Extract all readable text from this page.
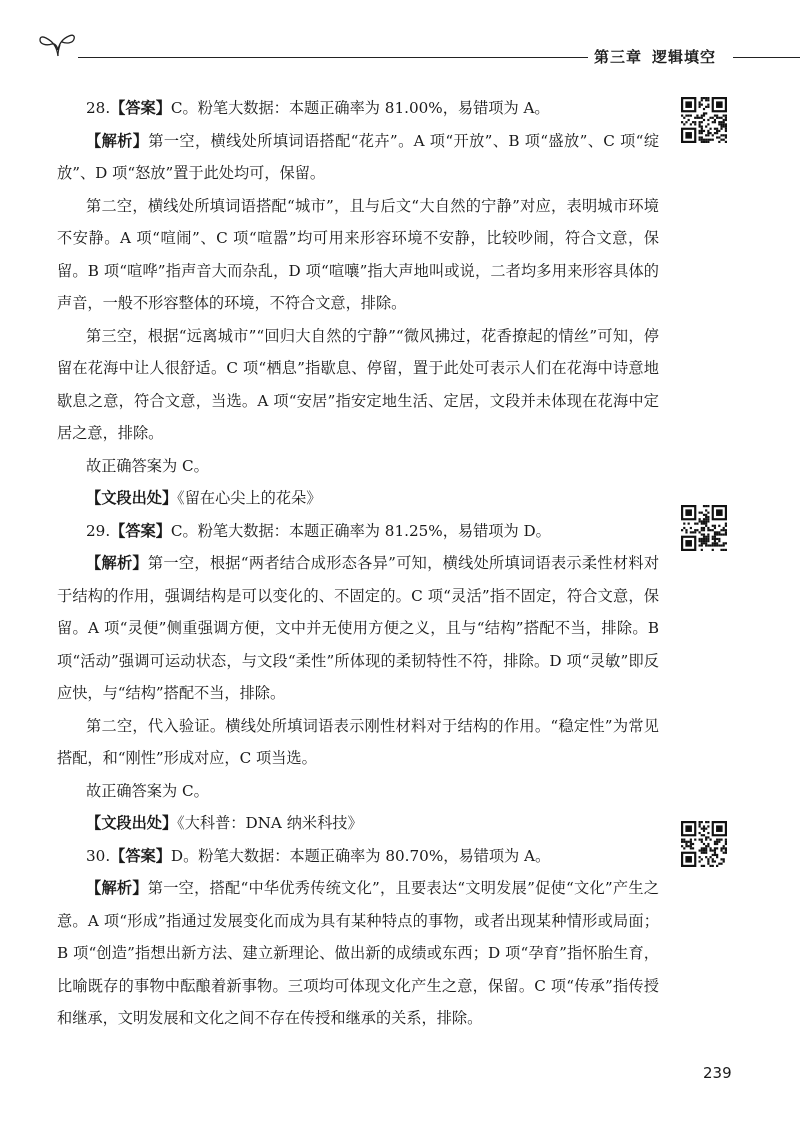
第三章 逻辑填空

28.【答案】C。粉笔大数据：本题正确率为 81.00%，易错项为 A。

【解析】第一空，横线处所填词语搭配“花卉”。A 项“开放”、B 项“盛放”、C 项“绽放”、D 项“怒放”置于此处均可，保留。

第二空，横线处所填词语搭配“城市”，且与后文“大自然的宁静”对应，表明城市环境不安静。A 项“喧闹”、C 项“喧嚣”均可用来形容环境不安静，比较吵闹，符合文意，保留。B 项“喧哗”指声音大而杂乱，D 项“喧嚷”指大声地叫或说，二者均多用来形容具体的声音，一般不形容整体的环境，不符合文意，排除。

第三空，根据“远离城市”“回归大自然的宁静”“微风拂过，花香撩起的情丝”可知，停留在花海中让人很舒适。C 项“栖息”指歇息、停留，置于此处可表示人们在花海中诗意地歇息之意，符合文意，当选。A 项“安居”指安定地生活、定居，文段并未体现在花海中定居之意，排除。

故正确答案为 C。

【文段出处】《留在心尖上的花朵》

29.【答案】C。粉笔大数据：本题正确率为 81.25%，易错项为 D。

【解析】第一空，根据“两者结合成形态各异”可知，横线处所填词语表示柔性材料对于结构的作用，强调结构是可以变化的、不固定的。C 项“灵活”指不固定，符合文意，保留。A 项“灵便”侧重强调方便，文中并无使用方便之义，且与“结构”搭配不当，排除。B 项“活动”强调可运动状态，与文段“柔性”所体现的柔韧特性不符，排除。D 项“灵敏”即反应快，与“结构”搭配不当，排除。

第二空，代入验证。横线处所填词语表示刚性材料对于结构的作用。“稳定性”为常见搭配，和“刚性”形成对应，C 项当选。

故正确答案为 C。

【文段出处】《大科普：DNA 纳米科技》

30.【答案】D。粉笔大数据：本题正确率为 80.70%，易错项为 A。

【解析】第一空，搭配“中华优秀传统文化”，且要表达“文明发展”促使“文化”产生之意。A 项“形成”指通过发展变化而成为具有某种特点的事物，或者出现某种情形或局面；B 项“创造”指想出新方法、建立新理论、做出新的成绩或东西；D 项“孕育”指怀胎生育，比喻既存的事物中酝酿着新事物。三项均可体现文化产生之意，保留。C 项“传承”指传授和继承，文明发展和文化之间不存在传授和继承的关系，排除。

239
